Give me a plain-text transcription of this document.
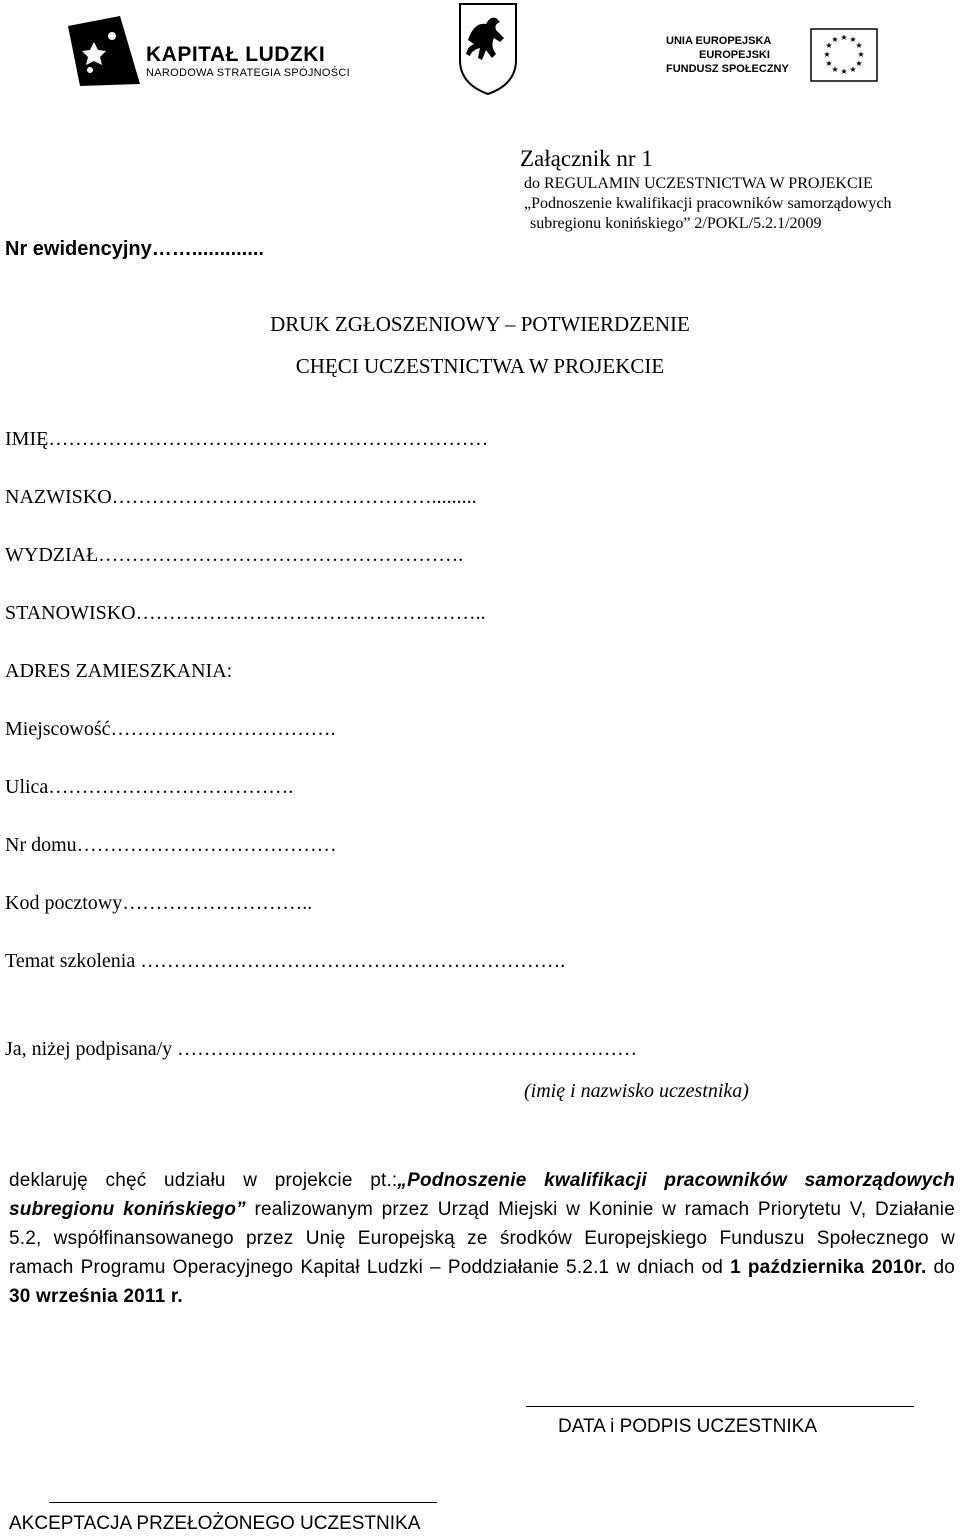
KAPITAŁ LUDZKI
NARODOWA STRATEGIA SPÓJNOŚCI
UNIA EUROPEJSKA
EUROPEJSKI
FUNDUSZ SPOŁECZNY
★ ★
★
★
★
★
★
★
★
★
★
★
Załącznik nr 1
do REGULAMIN UCZESTNICTWA W PROJEKCIE
„Podnoszenie kwalifikacji pracowników samorządowych
subregionu konińskiego” 2/POKL/5.2.1/2009
Nr ewidencyjny…….............
DRUK ZGŁOSZENIOWY – POTWIERDZENIE
CHĘCI UCZESTNICTWA W PROJEKCIE
IMIĘ…………………………………………………………
NAZWISKO………………………………………….........
WYDZIAŁ……………………………………………….
STANOWISKO……………………………………………..
ADRES ZAMIESZKANIA:
Miejscowość…………………………….
Ulica……………………………….
Nr domu…………………………………
Kod pocztowy………………………..
Temat szkolenia ……………………………………………………….
Ja, niżej podpisana/y ……………………………………………………………
(imię i nazwisko uczestnika)
deklaruję chęć udziału w projekcie pt.:„Podnoszenie kwalifikacji pracowników samorządowych subregionu konińskiego” realizowanym przez Urząd Miejski w Koninie w ramach Priorytetu V, Działanie 5.2, współfinansowanego przez Unię Europejską ze środków Europejskiego Funduszu Społecznego w ramach Programu Operacyjnego Kapitał Ludzki – Poddziałanie 5.2.1 w dniach od 1 października 2010r. do 30 września 2011 r.
DATA i PODPIS UCZESTNIKA
AKCEPTACJA PRZEŁOŻONEGO UCZESTNIKA
